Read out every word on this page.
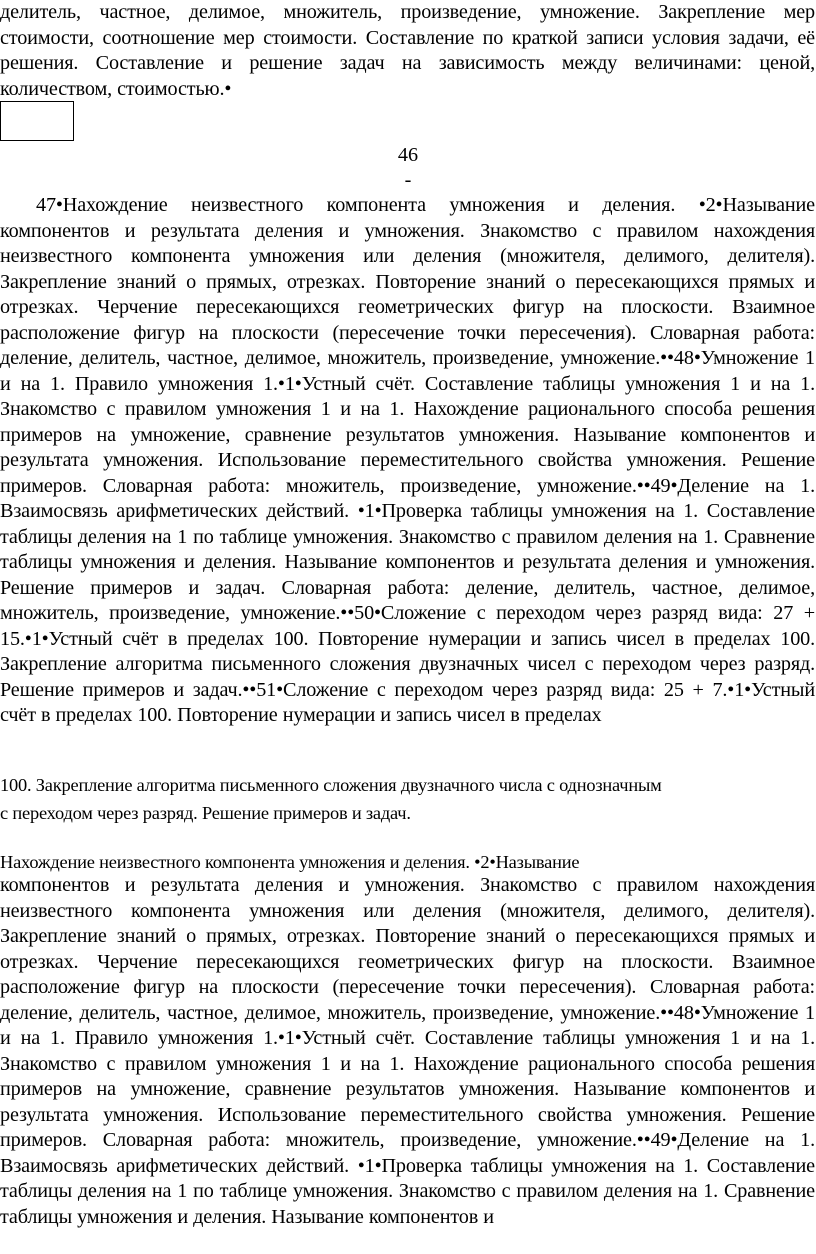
делитель, частное, делимое, множитель, произведение, умножение. Закрепление мер стоимости, соотношение мер стоимости. Составление по краткой записи условия задачи, её решения. Составление и решение задач на зависимость между величинами: ценой, количеством, стоимостью.•

46
-

47•Нахождение неизвестного компонента умножения и деления. •2•Называние компонентов и результата деления и умножения. Знакомство с правилом нахождения неизвестного компонента умножения или деления (множителя, делимого, делителя). Закрепление знаний о прямых, отрезках. Повторение знаний о пересекающихся прямых и отрезках. Черчение пересекающихся геометрических фигур на плоскости. Взаимное расположение фигур на плоскости (пересечение точки пересечения). Словарная работа: деление, делитель, частное, делимое, множитель, произведение, умножение.••48•Умножение 1 и на 1. Правило умножения 1.•1•Устный счёт. Составление таблицы умножения 1 и на 1. Знакомство с правилом умножения 1 и на 1. Нахождение рационального способа решения примеров на умножение, сравнение результатов умножения. Называние компонентов и результата умножения. Использование переместительного свойства умножения. Решение примеров. Словарная работа: множитель, произведение, умножение.••49•Деление на 1. Взаимосвязь арифметических действий. •1•Проверка таблицы умножения на 1. Составление таблицы деления на 1 по таблице умножения. Знакомство с правилом деления на 1. Сравнение таблицы умножения и деления. Называние компонентов и результата деления и умножения. Решение примеров и задач. Словарная работа: деление, делитель, частное, делимое, множитель, произведение, умножение.••50•Сложение с переходом через разряд вида: 27 + 15.•1•Устный счёт в пределах 100. Повторение нумерации и запись чисел в пределах 100. Закрепление алгоритма письменного сложения двузначных чисел с переходом через разряд. Решение примеров и задач.••51•Сложение с переходом через разряд вида: 25 + 7.•1•Устный счёт в пределах 100. Повторение нумерации и запись чисел в пределах

100. Закрепление алгоритма письменного сложения двузначного числа с однозначным

с переходом через разряд. Решение примеров и задач.

Нахождение неизвестного компонента умножения и деления. •2•Называние

компонентов и результата деления и умножения. Знакомство с правилом нахождения неизвестного компонента умножения или деления (множителя, делимого, делителя). Закрепление знаний о прямых, отрезках. Повторение знаний о пересекающихся прямых и отрезках. Черчение пересекающихся геометрических фигур на плоскости. Взаимное расположение фигур на плоскости (пересечение точки пересечения). Словарная работа: деление, делитель, частное, делимое, множитель, произведение, умножение.••48•Умножение 1 и на 1. Правило умножения 1.•1•Устный счёт. Составление таблицы умножения 1 и на 1. Знакомство с правилом умножения 1 и на 1. Нахождение рационального способа решения примеров на умножение, сравнение результатов умножения. Называние компонентов и результата умножения. Использование переместительного свойства умножения. Решение примеров. Словарная работа: множитель, произведение, умножение.••49•Деление на 1. Взаимосвязь арифметических действий. •1•Проверка таблицы умножения на 1. Составление таблицы деления на 1 по таблице умножения. Знакомство с правилом деления на 1. Сравнение таблицы умножения и деления. Называние компонентов и
